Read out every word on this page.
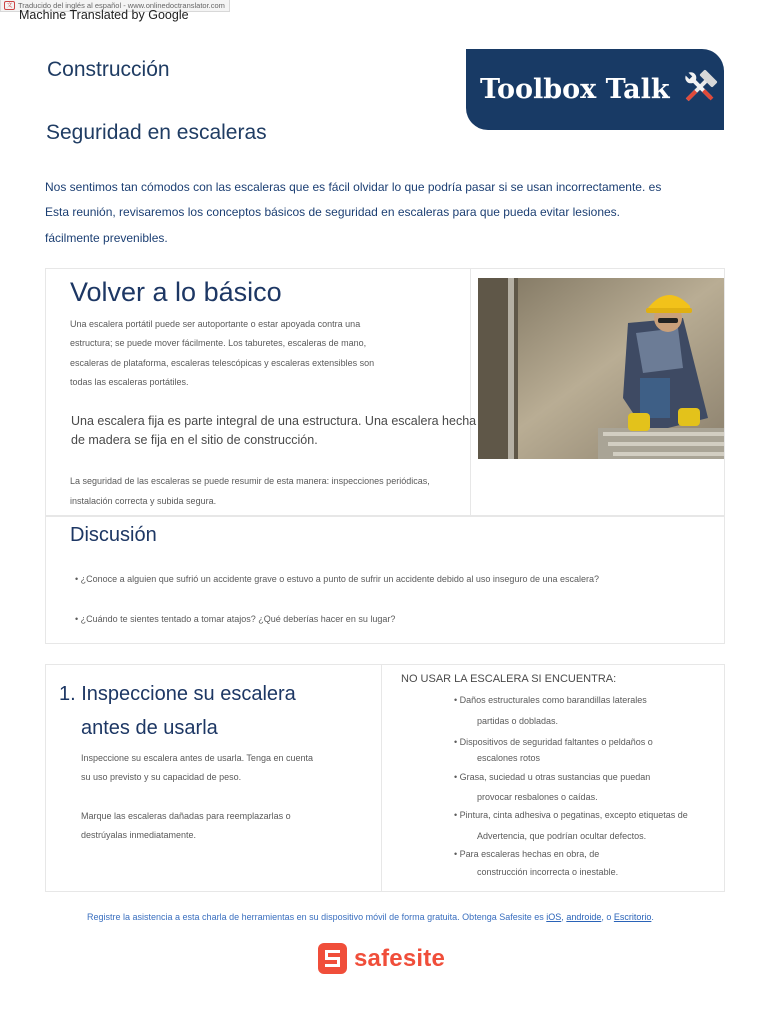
文 Traducido del inglés al español - www.onlinedoctranslator.com
Machine Translated by Google
Construcción
Seguridad en escaleras
Toolbox Talk
Nos sentimos tan cómodos con las escaleras que es fácil olvidar lo que podría pasar si se usan incorrectamente. es
Esta reunión, revisaremos los conceptos básicos de seguridad en escaleras para que pueda evitar lesiones.
fácilmente prevenibles.
Volver a lo básico
Una escalera portátil puede ser autoportante o estar apoyada contra una
estructura; se puede mover fácilmente. Los taburetes, escaleras de mano,
escaleras de plataforma, escaleras telescópicas y escaleras extensibles son
todas las escaleras portátiles.
Una escalera fija es parte integral de una estructura. Una escalera hecha
de madera se fija en el sitio de construcción.
La seguridad de las escaleras se puede resumir de esta manera: inspecciones periódicas,
instalación correcta y subida segura.
Discusión
• ¿Conoce a alguien que sufrió un accidente grave o estuvo a punto de sufrir un accidente debido al uso inseguro de una escalera?
• ¿Cuándo te sientes tentado a tomar atajos? ¿Qué deberías hacer en su lugar?
1. Inspeccione su escalera
antes de usarla
Inspeccione su escalera antes de usarla. Tenga en cuenta
su uso previsto y su capacidad de peso.
Marque las escaleras dañadas para reemplazarlas o
destrúyalas inmediatamente.
NO USAR LA ESCALERA SI ENCUENTRA:
• Daños estructurales como barandillas laterales
partidas o dobladas.
• Dispositivos de seguridad faltantes o peldaños o
escalones rotos
• Grasa, suciedad u otras sustancias que puedan
provocar resbalones o caídas.
• Pintura, cinta adhesiva o pegatinas, excepto etiquetas de
Advertencia, que podrían ocultar defectos.
• Para escaleras hechas en obra, de
construcción incorrecta o inestable.
Registre la asistencia a esta charla de herramientas en su dispositivo móvil de forma gratuita. Obtenga Safesite es iOS, androide, o Escritorio.
safesite
